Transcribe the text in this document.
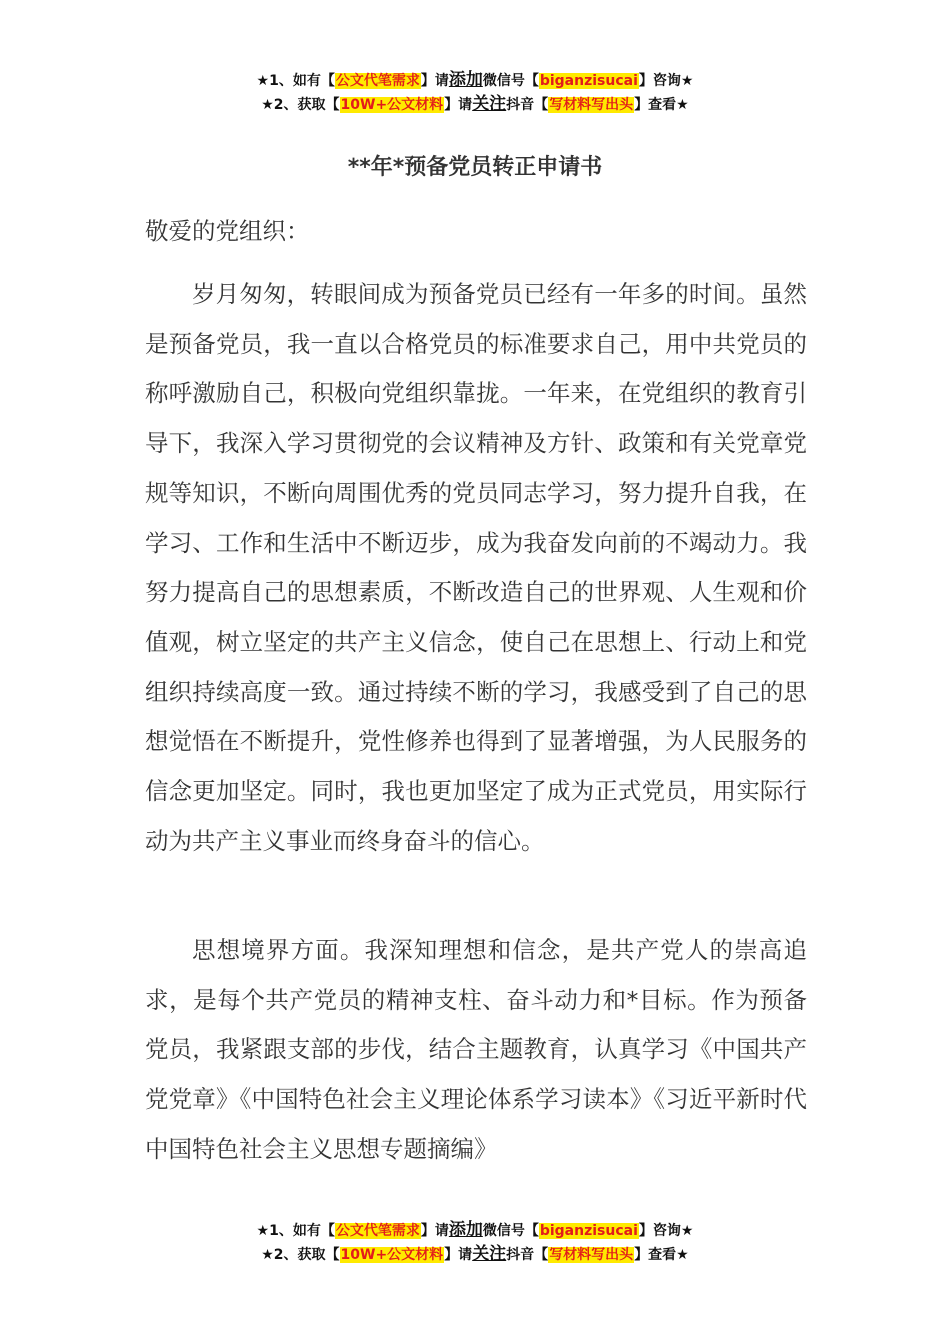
★1、如有【公文代笔需求】请添加微信号【biganzisucai】咨询★
★2、获取【10W+公文材料】请关注抖音【写材料写出头】查看★
**年*预备党员转正申请书
敬爱的党组织：

岁月匆匆，转眼间成为预备党员已经有一年多的时间。虽然是预备党员，我一直以合格党员的标准要求自己，用中共党员的称呼激励自己，积极向党组织靠拢。一年来，在党组织的教育引导下，我深入学习贯彻党的会议精神及方针、政策和有关党章党规等知识，不断向周围优秀的党员同志学习，努力提升自我，在学习、工作和生活中不断迈步，成为我奋发向前的不竭动力。我努力提高自己的思想素质，不断改造自己的世界观、人生观和价值观，树立坚定的共产主义信念，使自己在思想上、行动上和党组织持续高度一致。通过持续不断的学习，我感受到了自己的思想觉悟在不断提升，党性修养也得到了显著增强，为人民服务的信念更加坚定。同时，我也更加坚定了成为正式党员，用实际行动为共产主义事业而终身奋斗的信心。

思想境界方面。我深知理想和信念，是共产党人的崇高追求，是每个共产党员的精神支柱、奋斗动力和*目标。作为预备党员，我紧跟支部的步伐，结合主题教育，认真学习《中国共产党党章》《中国特色社会主义理论体系学习读本》《习近平新时代中国特色社会主义思想专题摘编》

★1、如有【公文代笔需求】请添加微信号【biganzisucai】咨询★
★2、获取【10W+公文材料】请关注抖音【写材料写出头】查看★
